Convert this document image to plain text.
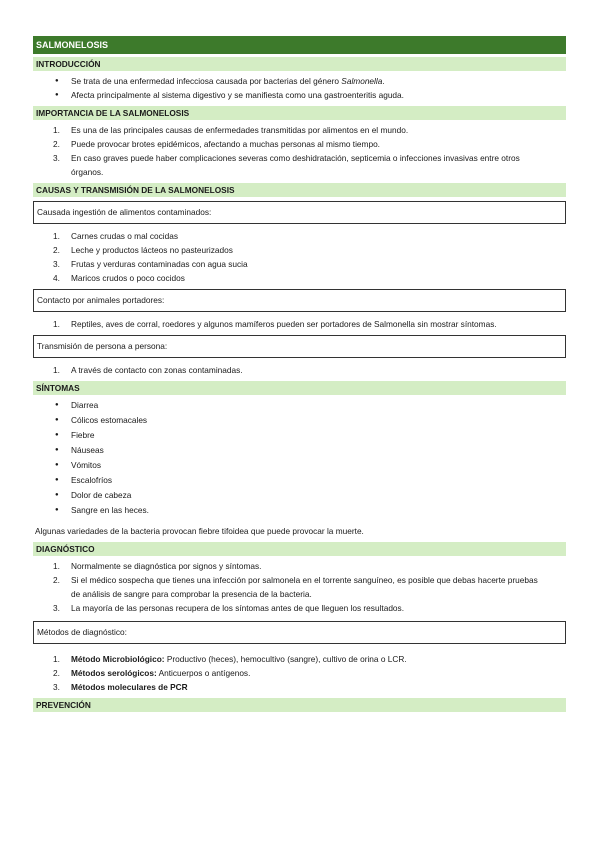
SALMONELOSIS
INTRODUCCIÓN
● Se trata de una enfermedad infecciosa causada por bacterias del género Salmonella.
● Afecta principalmente al sistema digestivo y se manifiesta como una gastroenteritis aguda.
IMPORTANCIA DE LA SALMONELOSIS
1. Es una de las principales causas de enfermedades transmitidas por alimentos en el mundo.
2. Puede provocar brotes epidémicos, afectando a muchas personas al mismo tiempo.
3. En caso graves puede haber complicaciones severas como deshidratación, septicemia o infecciones invasivas entre otros órganos.
CAUSAS Y TRANSMISIÓN DE LA SALMONELOSIS
Causada ingestión de alimentos contaminados:
1. Carnes crudas o mal cocidas
2. Leche y productos lácteos no pasteurizados
3. Frutas y verduras contaminadas con agua sucia
4. Maricos crudos o poco cocidos
Contacto por animales portadores:
1. Reptiles, aves de corral, roedores y algunos mamíferos pueden ser portadores de Salmonella sin mostrar síntomas.
Transmisión de persona a persona:
1. A través de contacto con zonas contaminadas.
SÍNTOMAS
● Diarrea
● Cólicos estomacales
● Fiebre
● Náuseas
● Vómitos
● Escalofríos
● Dolor de cabeza
● Sangre en las heces.
Algunas variedades de la bacteria provocan fiebre tifoidea que puede provocar la muerte.
DIAGNÓSTICO
1. Normalmente se diagnóstica por signos y síntomas.
2. Si el médico sospecha que tienes una infección por salmonela en el torrente sanguíneo, es posible que debas hacerte pruebas de análisis de sangre para comprobar la presencia de la bacteria.
3. La mayoría de las personas recupera de los síntomas antes de que lleguen los resultados.
Métodos de diagnóstico:
1. Método Microbiológico: Productivo (heces), hemocultivo (sangre), cultivo de orina o LCR.
2. Métodos serológicos: Anticuerpos o antígenos.
3. Métodos moleculares de PCR
PREVENCIÓN
